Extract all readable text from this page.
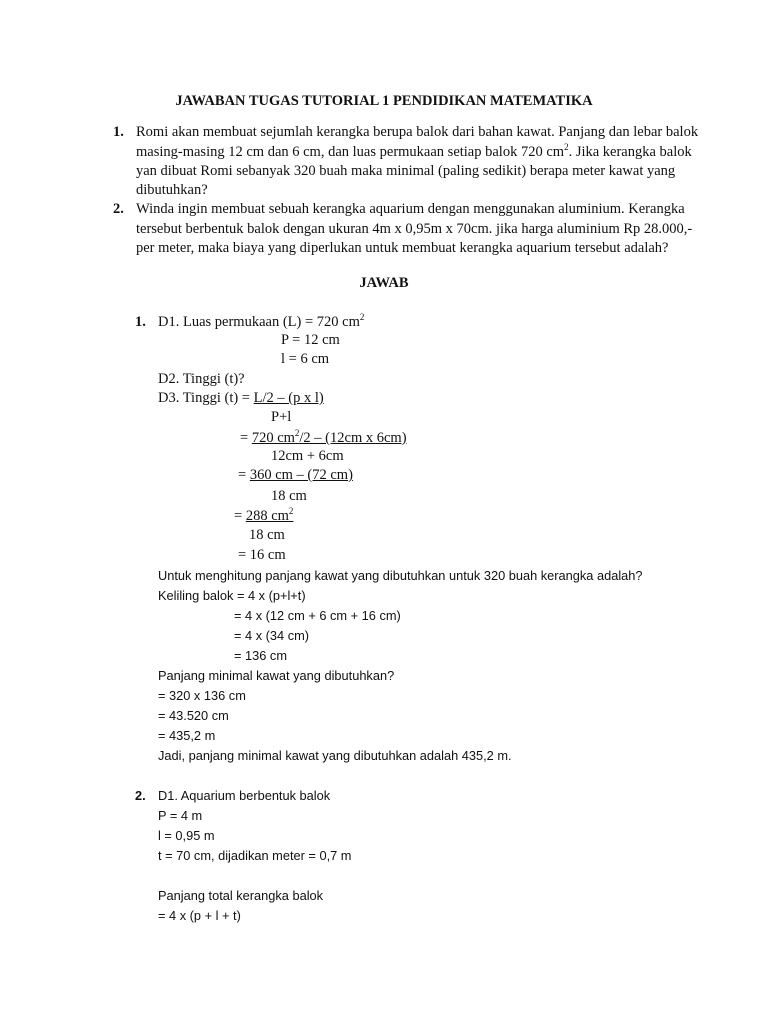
JAWABAN TUGAS TUTORIAL 1 PENDIDIKAN MATEMATIKA
1. Romi akan membuat sejumlah kerangka berupa balok dari bahan kawat. Panjang dan lebar balok
masing-masing 12 cm dan 6 cm, dan luas permukaan setiap balok 720 $cm^2$. Jika kerangka balok
yan dibuat Romi sebanyak 320 buah maka minimal (paling sedikit) berapa meter kawat yang
dibutuhkan?
2. Winda ingin membuat sebuah kerangka aquarium dengan menggunakan aluminium. Kerangka
tersebut berbentuk balok dengan ukuran 4m x 0,95m x 70cm. jika harga aluminium Rp 28.000,-
per meter, maka biaya yang diperlukan untuk membuat kerangka aquarium tersebut adalah?
JAWAB
1. D1. Luas permukaan (L) = 720 $cm^2$
P = 12 cm
l = 6 cm
D2. Tinggi (t)?
D3. Tinggi (t) = L/2 – (p x l)
P+l
= 720 $cm^2/2 - (12cm$ x 6cm)
12cm + 6cm
= 360 cm – (72 cm)
18 cm
= 288 $cm^2$
18 cm
= 16 cm
Untuk menghitung panjang kawat yang dibutuhkan untuk 320 buah kerangka adalah?
Keliling balok = 4 x (p+l+t)
= 4 x (12 cm + 6 cm + 16 cm)
= 4 x (34 cm)
= 136 cm
Panjang minimal kawat yang dibutuhkan?
= 320 x 136 cm
= 43.520 cm
= 435,2 m
Jadi, panjang minimal kawat yang dibutuhkan adalah 435,2 m.
2. D1. Aquarium berbentuk balok
P = 4 m
l = 0,95 m
t = 70 cm, dijadikan meter = 0,7 m
Panjang total kerangka balok
= 4 x (p + l + t)
